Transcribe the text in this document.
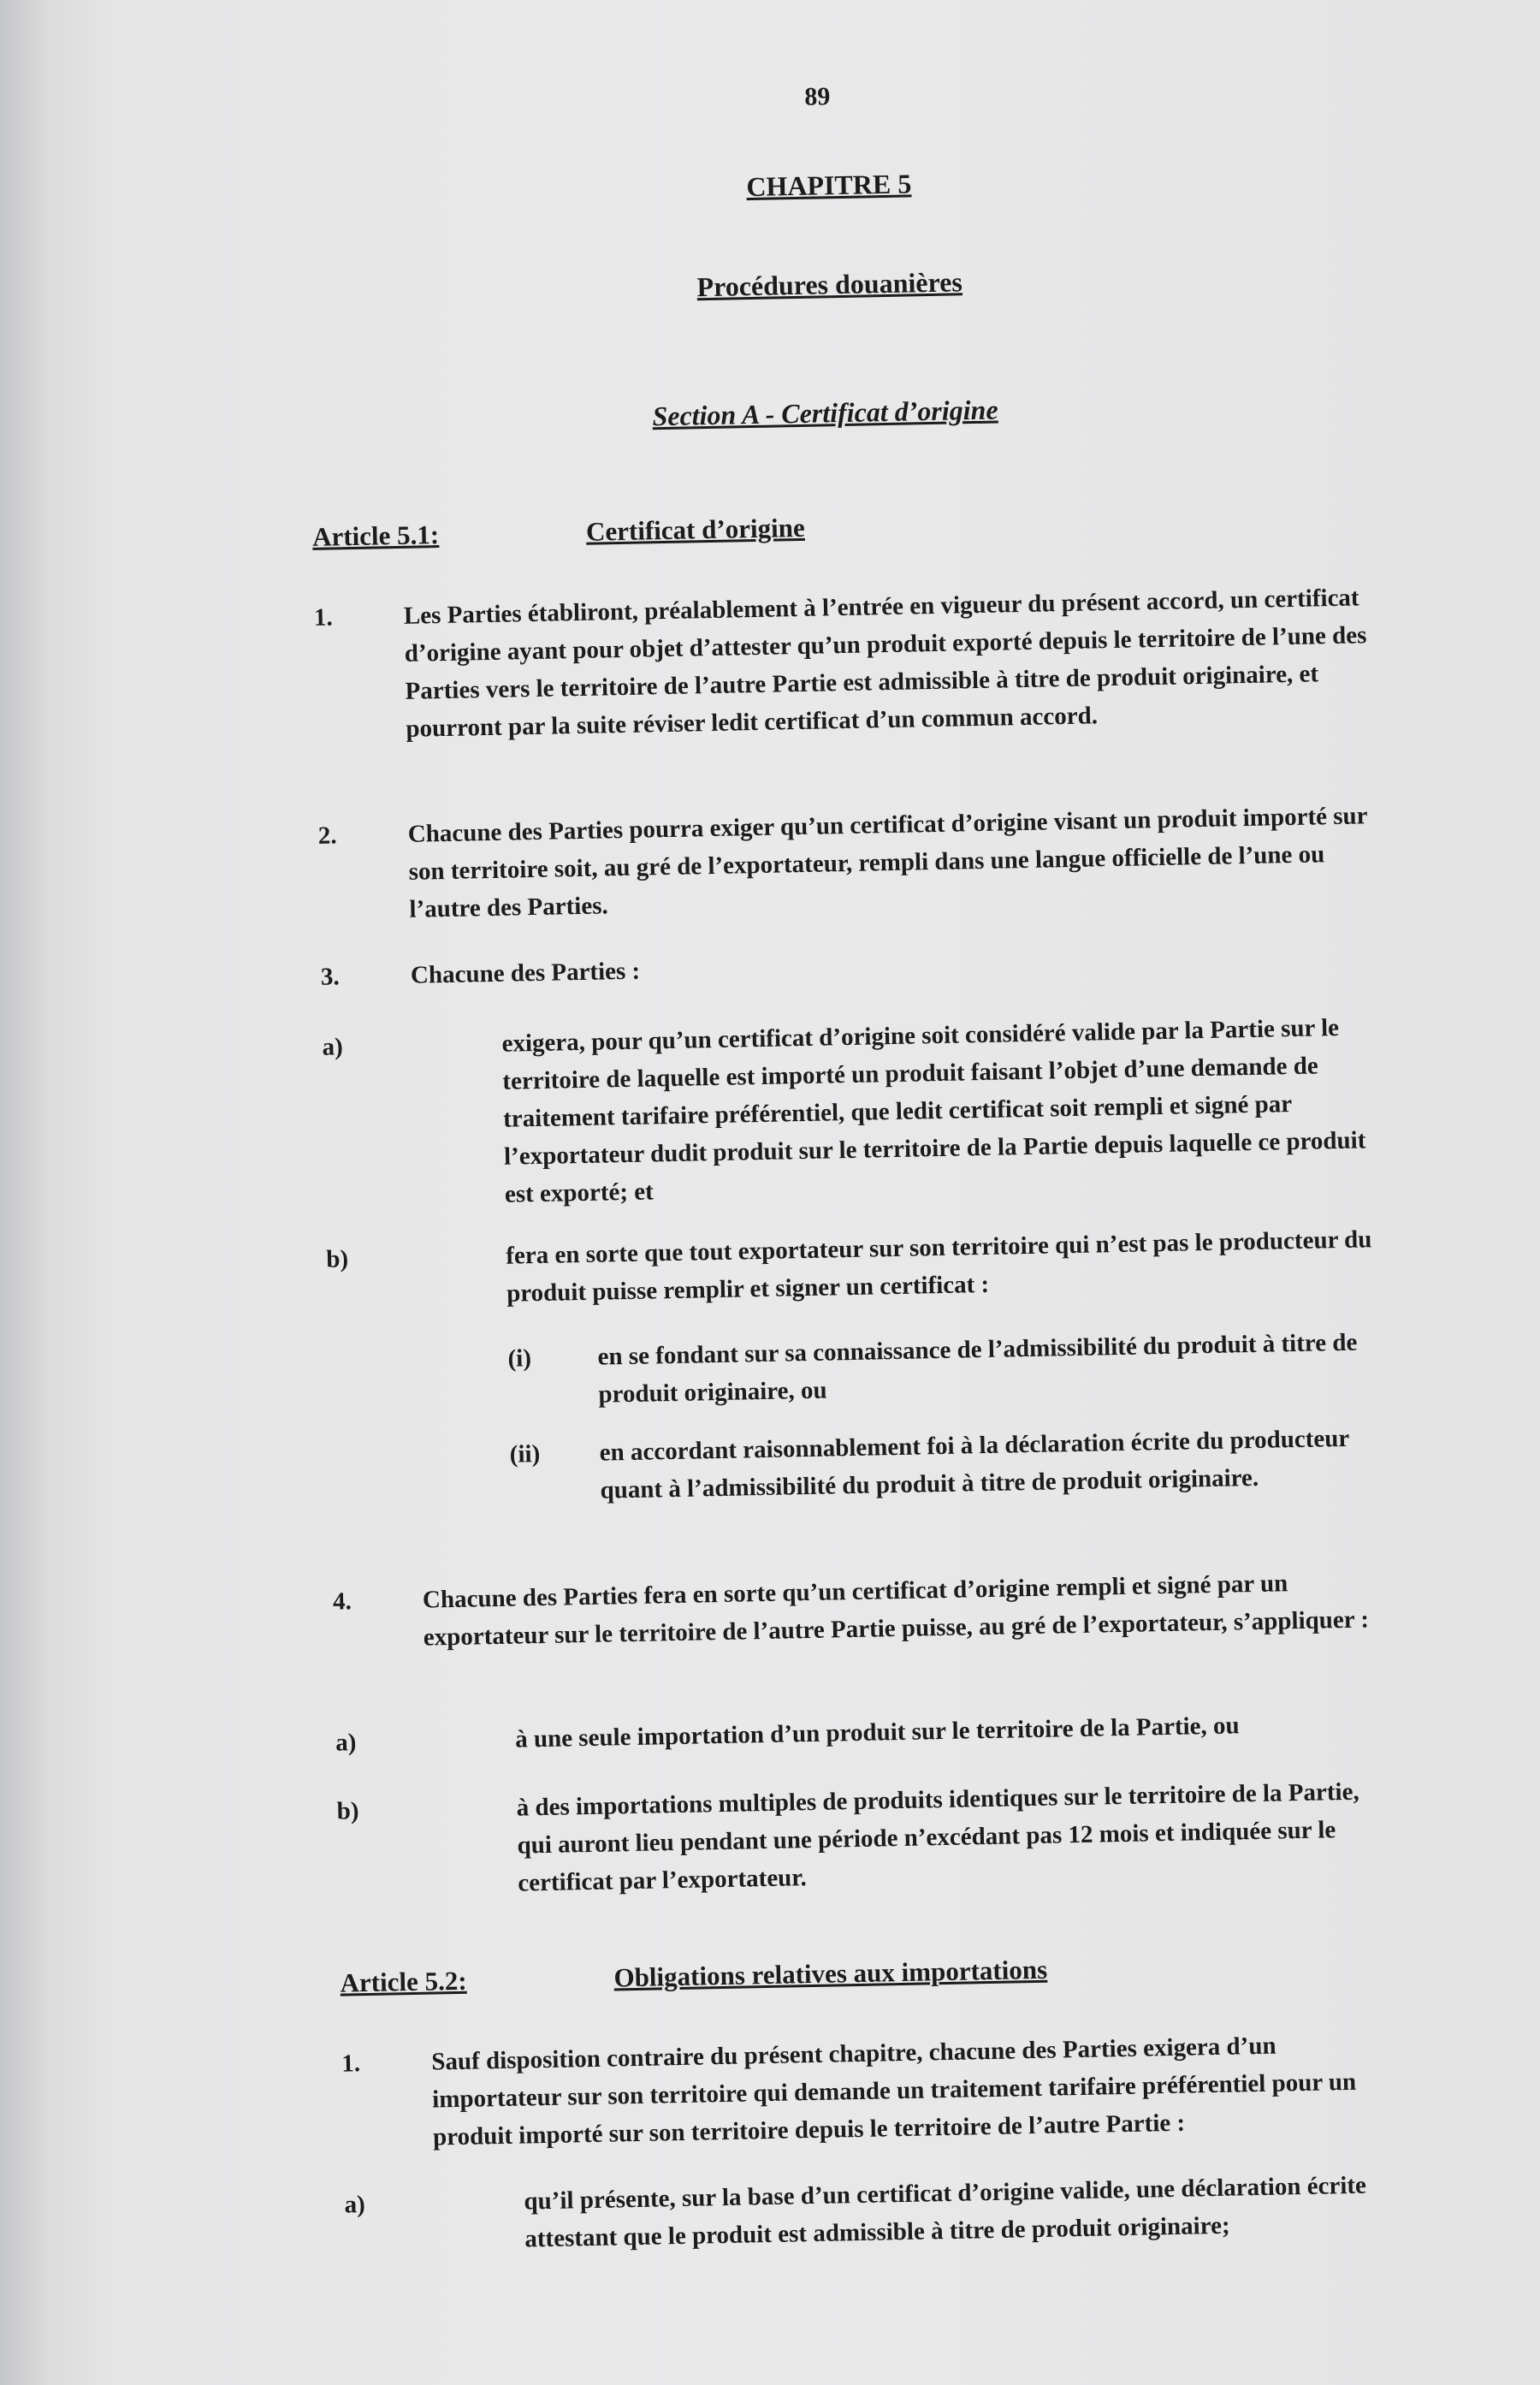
89
CHAPITRE 5
Procédures douanières
Section A - Certificat d’origine
Article 5.1:	Certificat d’origine
1.	Les Parties établiront, préalablement à l’entrée en vigueur du présent accord, un certificat d’origine ayant pour objet d’attester qu’un produit exporté depuis le territoire de l’une des Parties vers le territoire de l’autre Partie est admissible à titre de produit originaire, et pourront par la suite réviser ledit certificat d’un commun accord.
2.	Chacune des Parties pourra exiger qu’un certificat d’origine visant un produit importé sur son territoire soit, au gré de l’exportateur, rempli dans une langue officielle de l’une ou l’autre des Parties.
3.	Chacune des Parties :
a)	exigera, pour qu’un certificat d’origine soit considéré valide par la Partie sur le territoire de laquelle est importé un produit faisant l’objet d’une demande de traitement tarifaire préférentiel, que ledit certificat soit rempli et signé par l’exportateur dudit produit sur le territoire de la Partie depuis laquelle ce produit est exporté; et
b)	fera en sorte que tout exportateur sur son territoire qui n’est pas le producteur du produit puisse remplir et signer un certificat :
(i)	en se fondant sur sa connaissance de l’admissibilité du produit à titre de produit originaire, ou
(ii) en accordant raisonnablement foi à la déclaration écrite du producteur quant à l’admissibilité du produit à titre de produit originaire.
4.	Chacune des Parties fera en sorte qu’un certificat d’origine rempli et signé par un exportateur sur le territoire de l’autre Partie puisse, au gré de l’exportateur, s’appliquer :
a)	à une seule importation d’un produit sur le territoire de la Partie, ou
b)	à des importations multiples de produits identiques sur le territoire de la Partie, qui auront lieu pendant une période n’excédant pas 12 mois et indiquée sur le certificat par l’exportateur.
Article 5.2:	Obligations relatives aux importations
1.	Sauf disposition contraire du présent chapitre, chacune des Parties exigera d’un importateur sur son territoire qui demande un traitement tarifaire préférentiel pour un produit importé sur son territoire depuis le territoire de l’autre Partie :
a)	qu’il présente, sur la base d’un certificat d’origine valide, une déclaration écrite attestant que le produit est admissible à titre de produit originaire;
